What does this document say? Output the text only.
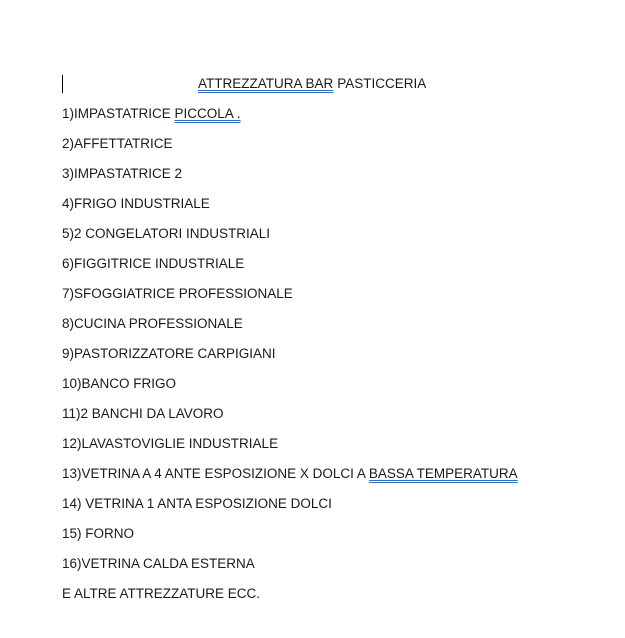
ATTREZZATURA BAR PASTICCERIA
1)IMPASTATRICE PICCOLA .
2)AFFETTATRICE
3)IMPASTATRICE 2
4)FRIGO INDUSTRIALE
5)2 CONGELATORI INDUSTRIALI
6)FIGGITRICE INDUSTRIALE
7)SFOGGIATRICE PROFESSIONALE
8)CUCINA PROFESSIONALE
9)PASTORIZZATORE CARPIGIANI
10)BANCO FRIGO
11)2 BANCHI DA LAVORO
12)LAVASTOVIGLIE INDUSTRIALE
13)VETRINA A 4 ANTE ESPOSIZIONE X DOLCI A BASSA TEMPERATURA
14) VETRINA 1 ANTA ESPOSIZIONE DOLCI
15) FORNO
16)VETRINA CALDA ESTERNA
E ALTRE ATTREZZATURE ECC.
